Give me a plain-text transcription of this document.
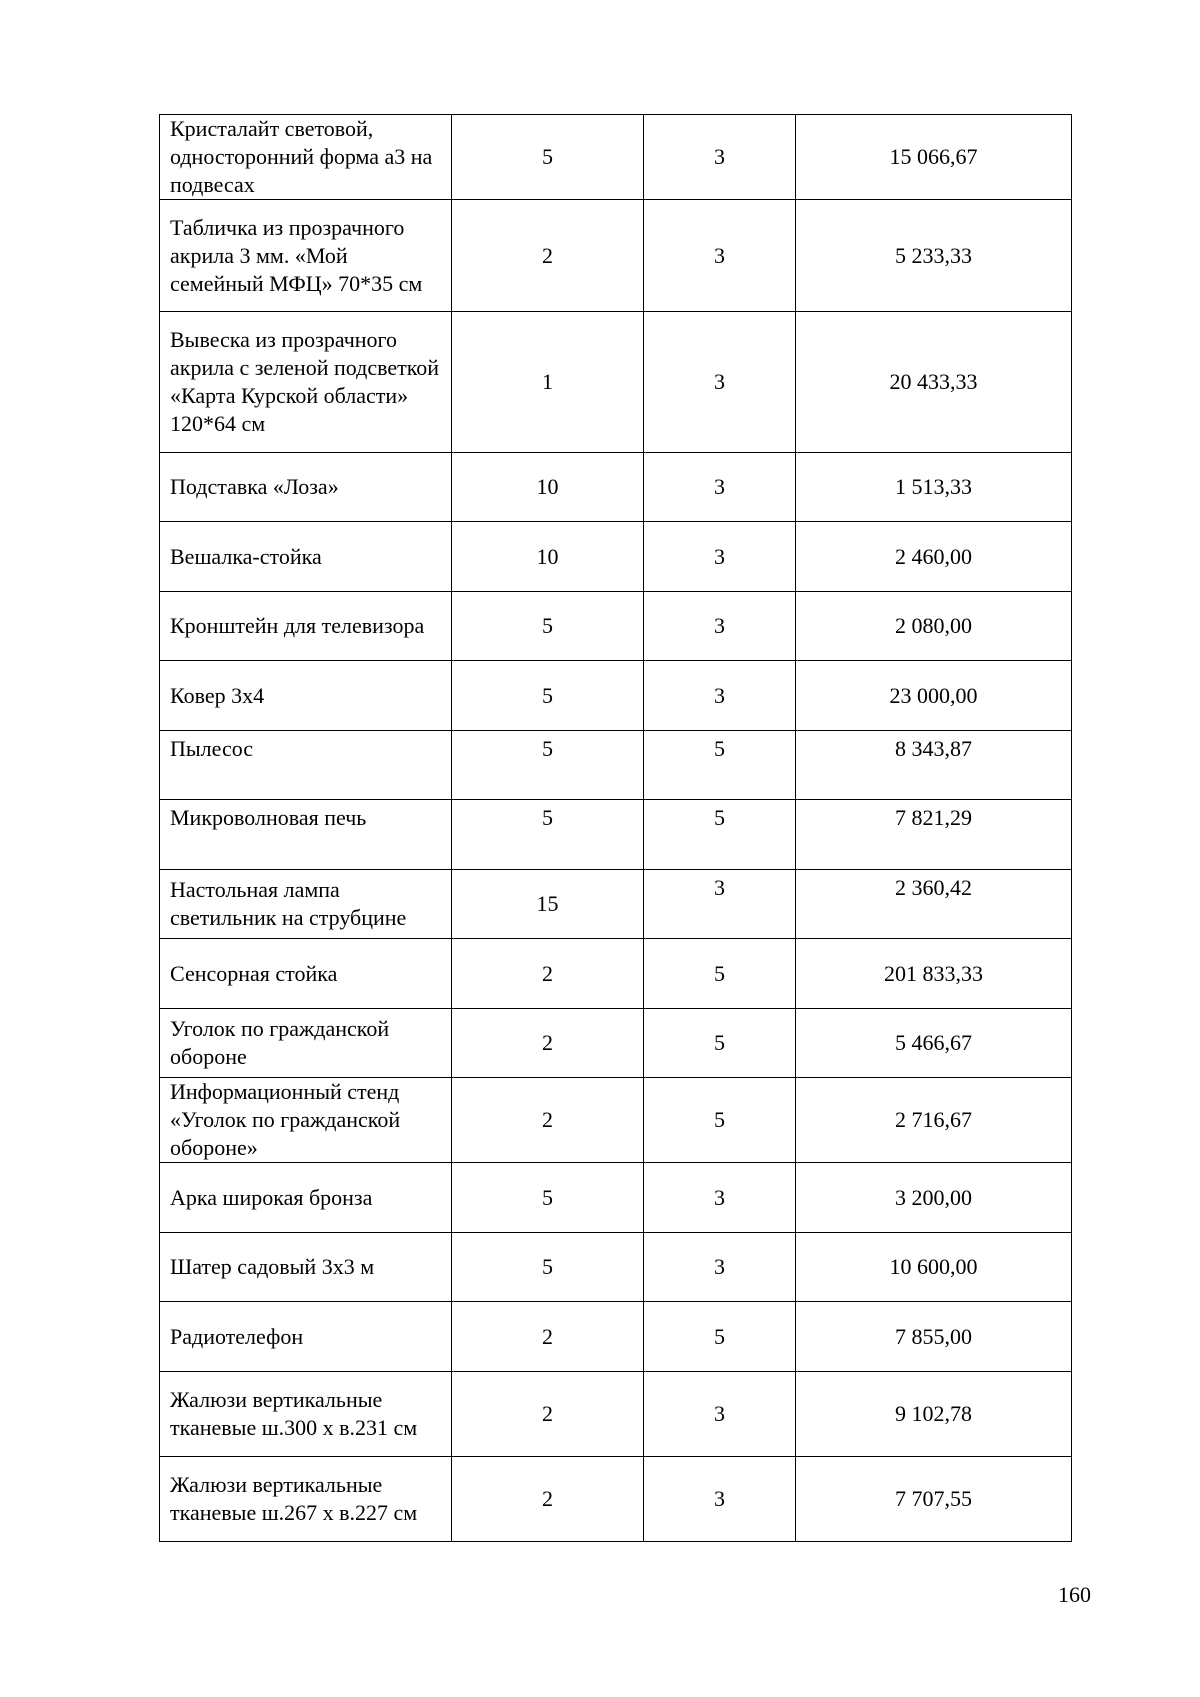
Кристалайт световой, односторонний форма а3 на подвесах	5	3	15 066,67
Табличка из прозрачного акрила 3 мм. «Мой семейный МФЦ» 70*35 см	2	3	5 233,33
Вывеска из прозрачного акрила с зеленой подсветкой «Карта Курской области» 120*64 см	1	3	20 433,33
Подставка «Лоза»	10	3	1 513,33
Вешалка-стойка	10	3	2 460,00
Кронштейн для телевизора	5	3	2 080,00
Ковер 3х4	5	3	23 000,00
Пылесос	5	5	8 343,87
Микроволновая печь	5	5	7 821,29
Настольная лампа светильник на струбцине	15	3	2 360,42
Сенсорная стойка	2	5	201 833,33
Уголок по гражданской обороне	2	5	5 466,67
Информационный стенд «Уголок по гражданской обороне»	2	5	2 716,67
Арка широкая бронза	5	3	3 200,00
Шатер садовый 3х3 м	5	3	10 600,00
Радиотелефон	2	5	7 855,00
Жалюзи вертикальные тканевые ш.300 х в.231 см	2	3	9 102,78
Жалюзи вертикальные тканевые ш.267 х в.227 см	2	3	7 707,55
160
